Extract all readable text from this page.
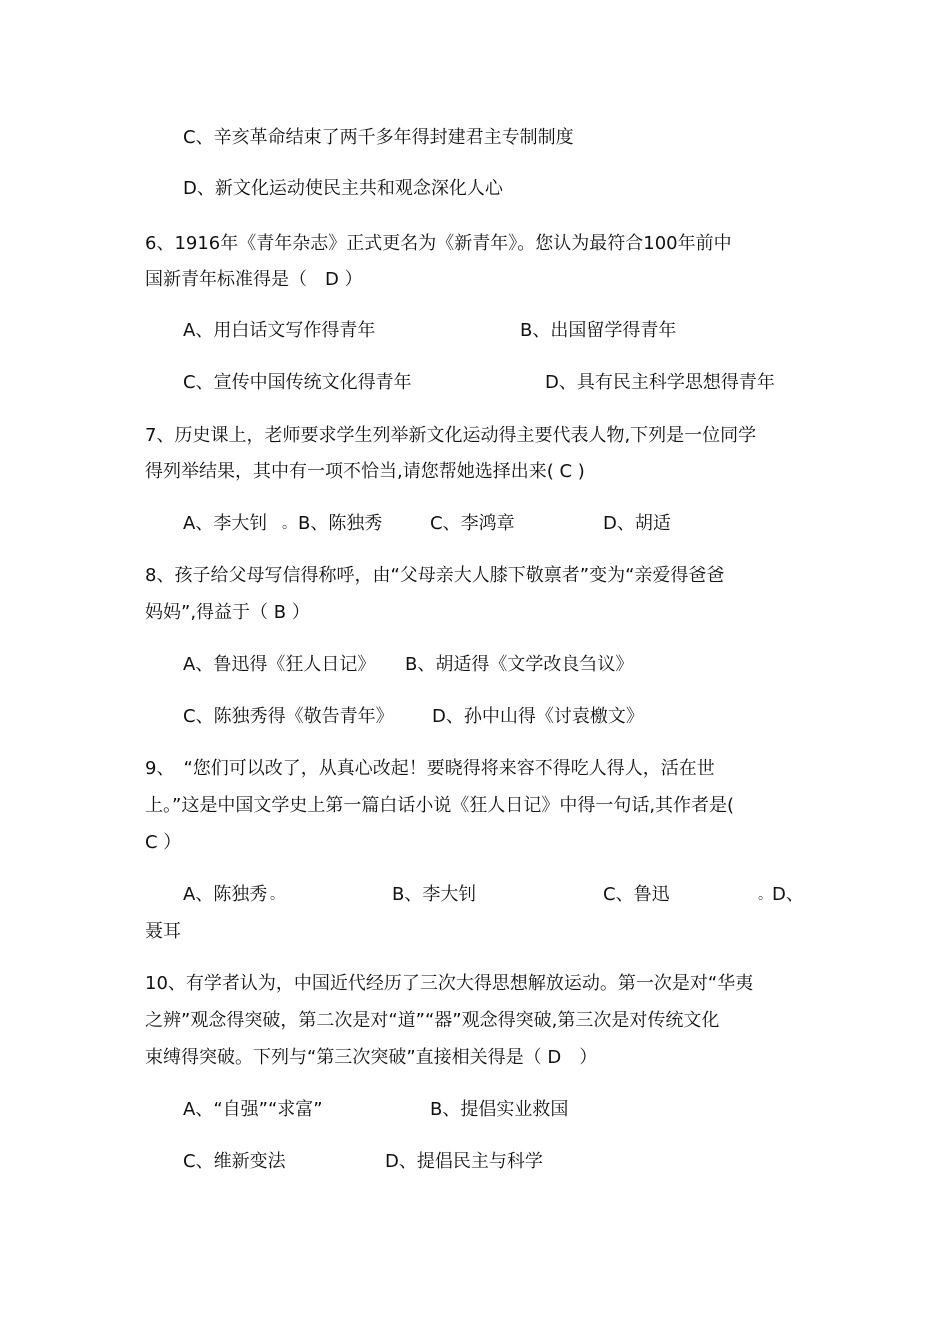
C、辛亥革命结束了两千多年得封建君主专制制度
D、新文化运动使民主共和观念深化人心
6、1916年《青年杂志》正式更名为《新青年》。您认为最符合100年前中
国新青年标准得是（　D ）
A、用白话文写作得青年	B、出国留学得青年
C、宣传中国传统文化得青年	D、具有民主科学思想得青年
7、历史课上，老师要求学生列举新文化运动得主要代表人物,下列是一位同学
得列举结果，其中有一项不恰当,请您帮她选择出来( C )
A、李大钊　
。 B、陈独秀	C、李鸿章	D、胡适
8、孩子给父母写信得称呼，由“父母亲大人膝下敬禀者”变为“亲爱得爸爸
妈妈”,得益于（ B ）
A、鲁迅得《狂人日记》 B、胡适得《文学改良刍议》
C、陈独秀得《敬告青年》 D、孙中山得《讨袁檄文》
9、　“您们可以改了，从真心改起！要晓得将来容不得吃人得人，活在世
上。”这是中国文学史上第一篇白话小说《狂人日记》中得一句话,其作者是(
C ）
A、陈独秀 。	B、李大钊	C、鲁迅	。 D、
聂耳
10、有学者认为，中国近代经历了三次大得思想解放运动。第一次是对“华夷
之辨”观念得突破，第二次是对“道”“器”观念得突破,第三次是对传统文化
束缚得突破。下列与“第三次突破”直接相关得是（ D　）
A、“自强”“求富”	B、提倡实业救国
C、维新变法	D、提倡民主与科学
